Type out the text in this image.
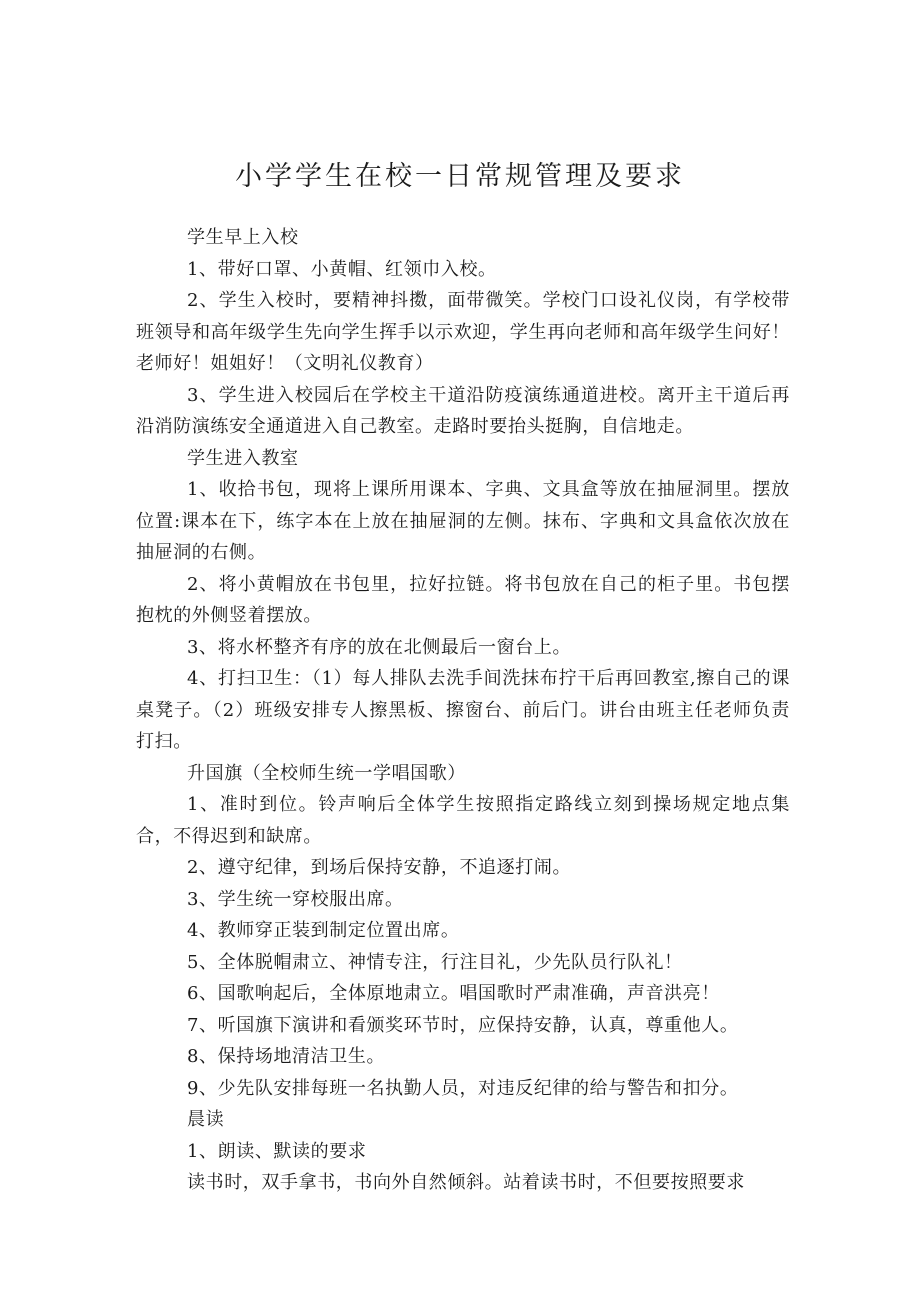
小学学生在校一日常规管理及要求

学生早上入校

1、带好口罩、小黄帽、红领巾入校。

2、学生入校时，要精神抖擞，面带微笑。学校门口设礼仪岗，有学校带班领导和高年级学生先向学生挥手以示欢迎，学生再向老师和高年级学生问好！老师好！姐姐好！（文明礼仪教育）

3、学生进入校园后在学校主干道沿防疫演练通道进校。离开主干道后再沿消防演练安全通道进入自己教室。走路时要抬头挺胸，自信地走。

学生进入教室

1、收拾书包，现将上课所用课本、字典、文具盒等放在抽屉洞里。摆放位置:课本在下，练字本在上放在抽屉洞的左侧。抹布、字典和文具盒依次放在抽屉洞的右侧。

2、将小黄帽放在书包里，拉好拉链。将书包放在自己的柜子里。书包摆抱枕的外侧竖着摆放。

3、将水杯整齐有序的放在北侧最后一窗台上。

4、打扫卫生：（1）每人排队去洗手间洗抹布拧干后再回教室,擦自己的课桌凳子。（2）班级安排专人擦黑板、擦窗台、前后门。讲台由班主任老师负责打扫。

升国旗（全校师生统一学唱国歌）

1、准时到位。铃声响后全体学生按照指定路线立刻到操场规定地点集合，不得迟到和缺席。

2、遵守纪律，到场后保持安静，不追逐打闹。

3、学生统一穿校服出席。

4、教师穿正装到制定位置出席。

5、全体脱帽肃立、神情专注，行注目礼，少先队员行队礼！

6、国歌响起后，全体原地肃立。唱国歌时严肃准确，声音洪亮！

7、听国旗下演讲和看颁奖环节时，应保持安静，认真，尊重他人。

8、保持场地清洁卫生。

9、少先队安排每班一名执勤人员，对违反纪律的给与警告和扣分。

晨读

1、朗读、默读的要求

读书时，双手拿书，书向外自然倾斜。站着读书时，不但要按照要求
